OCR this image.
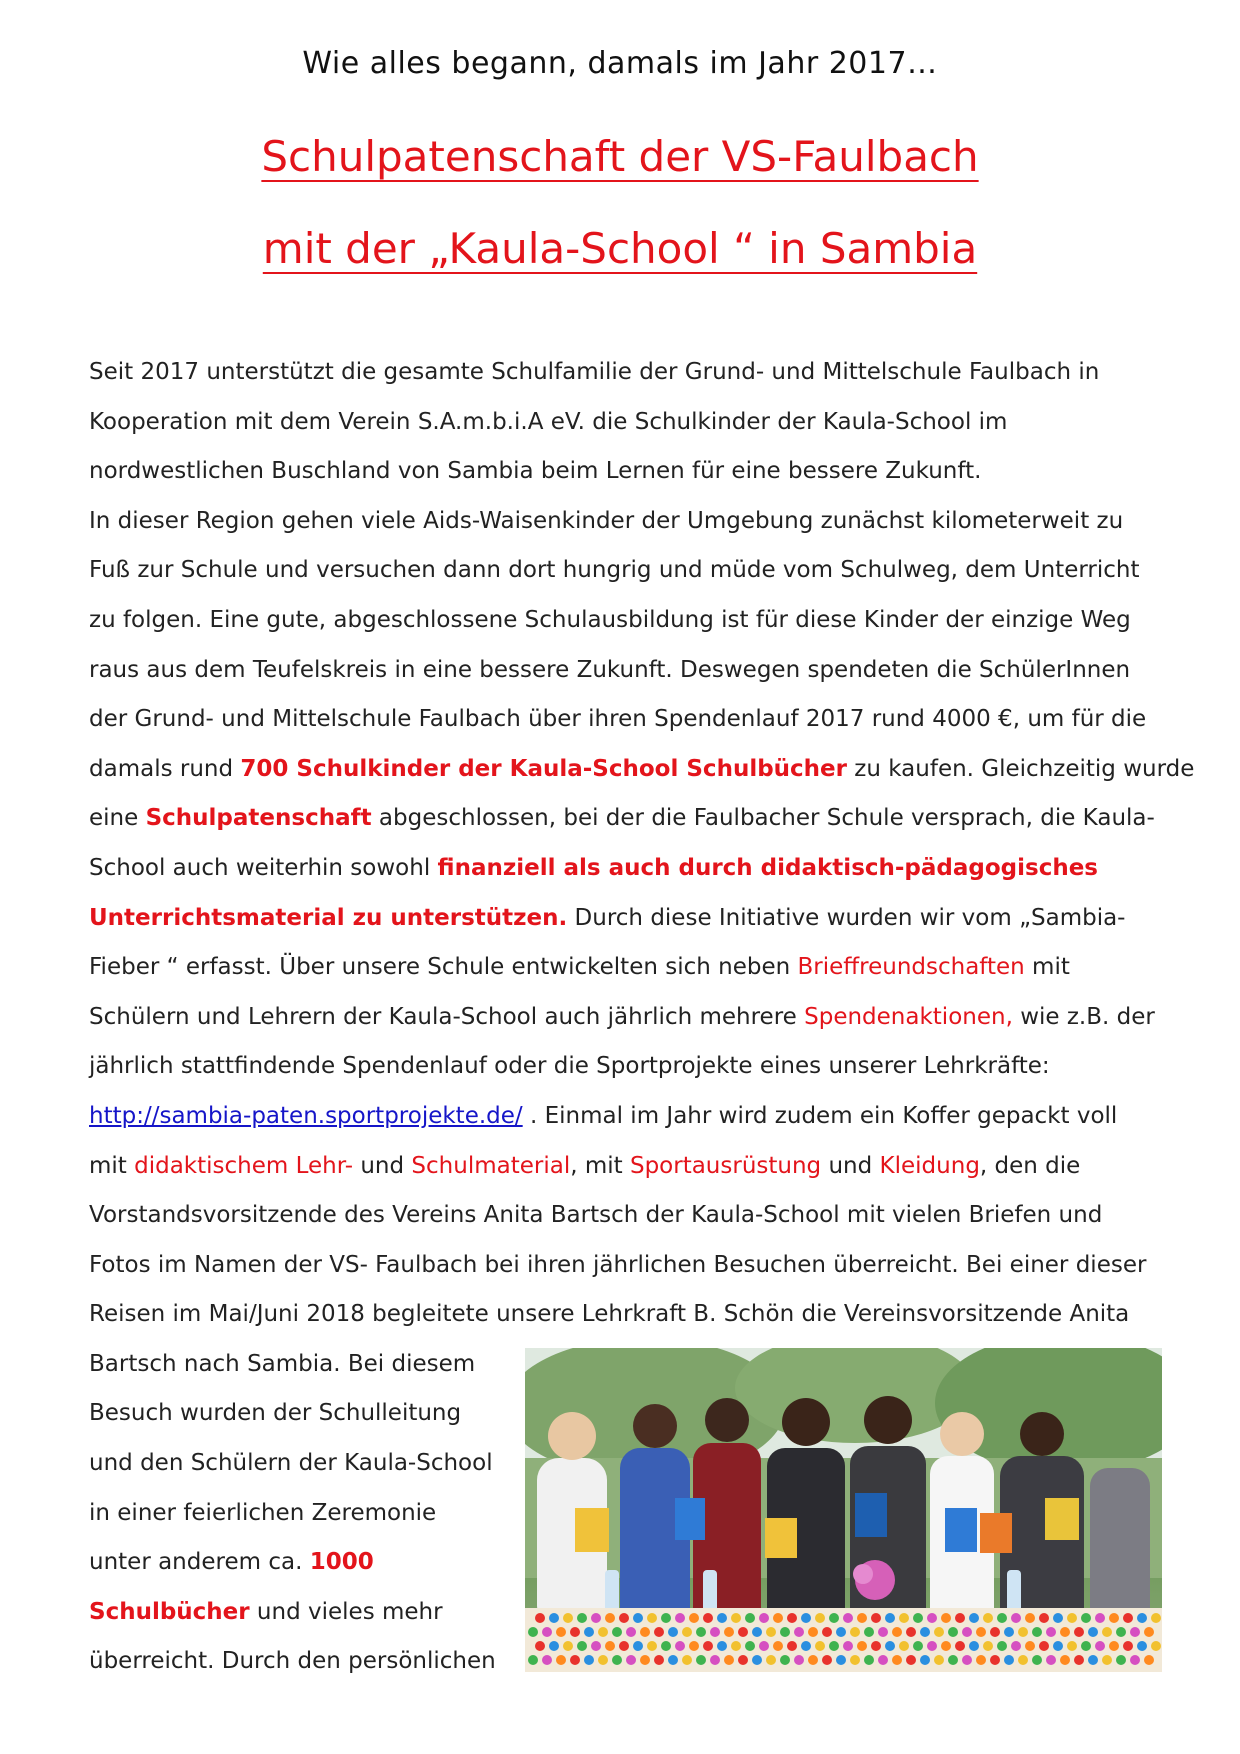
Wie alles begann, damals im Jahr 2017…
Schulpatenschaft der VS-Faulbach
mit der „Kaula-School “ in Sambia
Seit 2017 unterstützt die gesamte Schulfamilie der Grund- und Mittelschule Faulbach in
Kooperation mit dem Verein S.A.m.b.i.A eV. die Schulkinder der Kaula-School im
nordwestlichen Buschland von Sambia beim Lernen für eine bessere Zukunft.
In dieser Region gehen viele Aids-Waisenkinder der Umgebung zunächst kilometerweit zu
Fuß zur Schule und versuchen dann dort hungrig und müde vom Schulweg, dem Unterricht
zu folgen. Eine gute, abgeschlossene Schulausbildung ist für diese Kinder der einzige Weg
raus aus dem Teufelskreis in eine bessere Zukunft. Deswegen spendeten die SchülerInnen
der Grund- und Mittelschule Faulbach über ihren Spendenlauf 2017 rund 4000 €, um für die
damals rund 700 Schulkinder der Kaula-School Schulbücher zu kaufen. Gleichzeitig wurde
eine Schulpatenschaft abgeschlossen, bei der die Faulbacher Schule versprach, die Kaula-
School auch weiterhin sowohl finanziell als auch durch didaktisch-pädagogisches
Unterrichtsmaterial zu unterstützen. Durch diese Initiative wurden wir vom „Sambia-
Fieber “ erfasst. Über unsere Schule entwickelten sich neben Brieffreundschaften mit
Schülern und Lehrern der Kaula-School auch jährlich mehrere Spendenaktionen, wie z.B. der
jährlich stattfindende Spendenlauf oder die Sportprojekte eines unserer Lehrkräfte:
http://sambia-paten.sportprojekte.de/ . Einmal im Jahr wird zudem ein Koffer gepackt voll
mit didaktischem Lehr- und Schulmaterial, mit Sportausrüstung und Kleidung, den die
Vorstandsvorsitzende des Vereins Anita Bartsch der Kaula-School mit vielen Briefen und
Fotos im Namen der VS- Faulbach bei ihren jährlichen Besuchen überreicht. Bei einer dieser
Reisen im Mai/Juni 2018 begleitete unsere Lehrkraft B. Schön die Vereinsvorsitzende Anita
Bartsch nach Sambia. Bei diesem
Besuch wurden der Schulleitung
und den Schülern der Kaula-School
in einer feierlichen Zeremonie
unter anderem ca. 1000
Schulbücher und vieles mehr
überreicht. Durch den persönlichen
